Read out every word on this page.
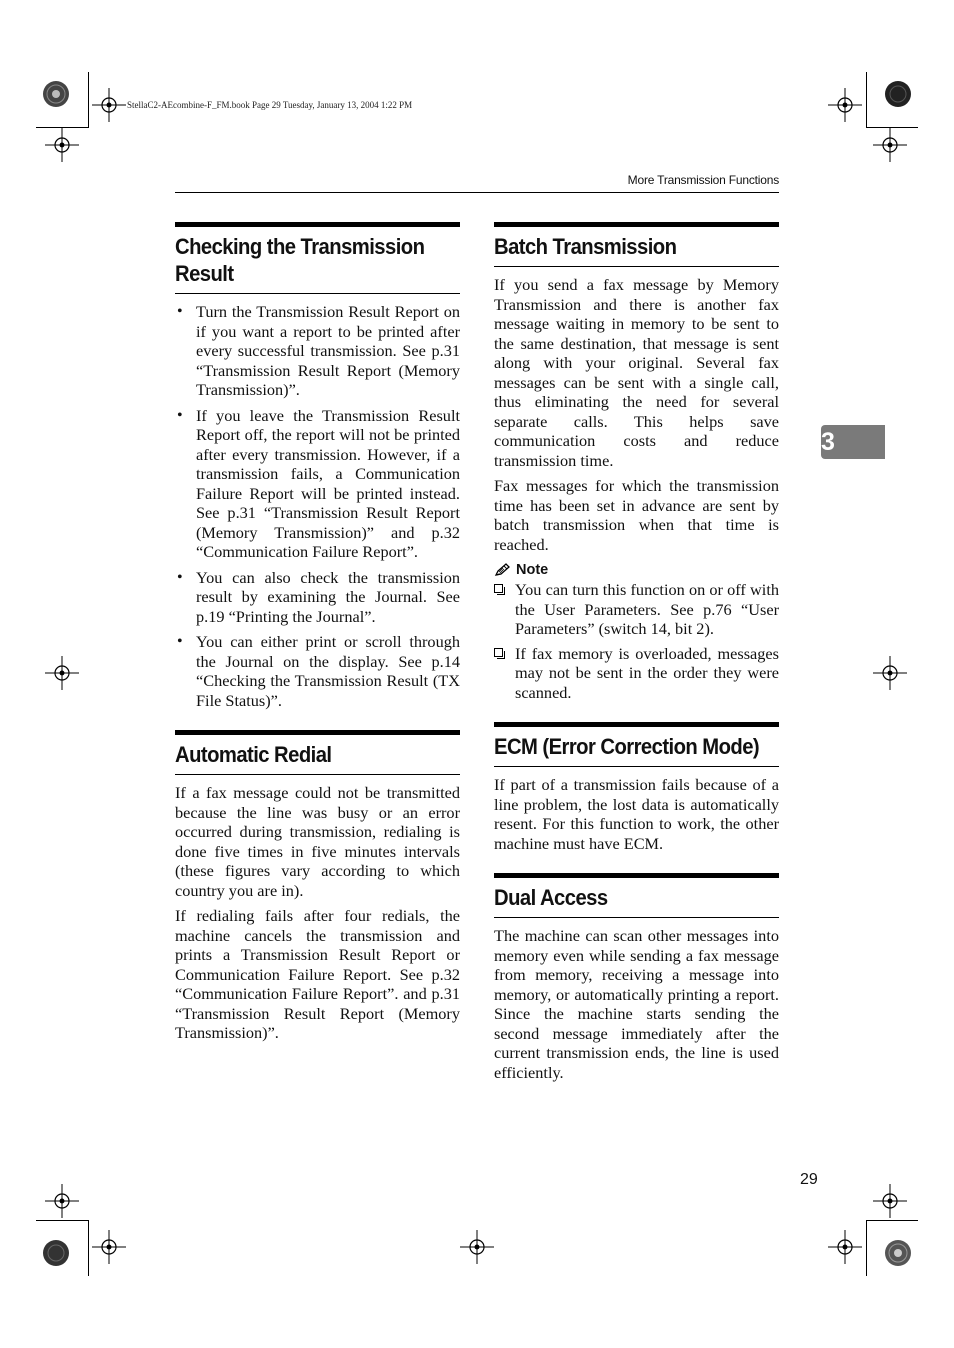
StellaC2-AEcombine-F_FM.book Page 29 Tuesday, January 13, 2004 1:22 PM
More Transmission Functions
Checking the Transmission
Result
• Turn the Transmission Result Report on if you want a report to be printed after every successful transmission. See p.31 “Transmission Result Report (Memory Transmission)”.

• If you leave the Transmission Result Report off, the report will not be printed after every transmission. However, if a transmission fails, a Communication Failure Report will be printed instead. See p.31 “Transmission Result Report (Memory Transmission)” and p.32 “Communication Failure Report”.

• You can also check the transmission result by examining the Journal. See p.19 “Printing the Journal”.

• You can either print or scroll through the Journal on the display. See p.14 “Checking the Transmission Result (TX File Status)”.

Automatic Redial

If a fax message could not be transmitted because the line was busy or an error occurred during transmission, redialing is done five times in five minutes intervals (these figures vary according to which country you are in).

If redialing fails after four redials, the machine cancels the transmission and prints a Transmission Result Report or Communication Failure Report. See p.32 “Communication Failure Report”. and p.31 “Transmission Result Report (Memory Transmission)”.

Batch Transmission

If you send a fax message by Memory Transmission and there is another fax message waiting in memory to be sent to the same destination, that message is sent along with your original. Several fax messages can be sent with a single call, thus eliminating the need for several separate calls. This helps save communication costs and reduce transmission time.

Fax messages for which the transmission time has been set in advance are sent by batch transmission when that time is reached.

Note

You can turn this function on or off with the User Parameters. See p.76 “User Parameters” (switch 14, bit 2).

If fax memory is overloaded, messages may not be sent in the order they were scanned.

ECM (Error Correction Mode)

If part of a transmission fails because of a line problem, the lost data is automatically resent. For this function to work, the other machine must have ECM.

Dual Access

The machine can scan other messages into memory even while sending a fax message from memory, receiving a message into memory, or automatically printing a report. Since the machine starts sending the second message immediately after the current transmission ends, the line is used efficiently.

3
29
